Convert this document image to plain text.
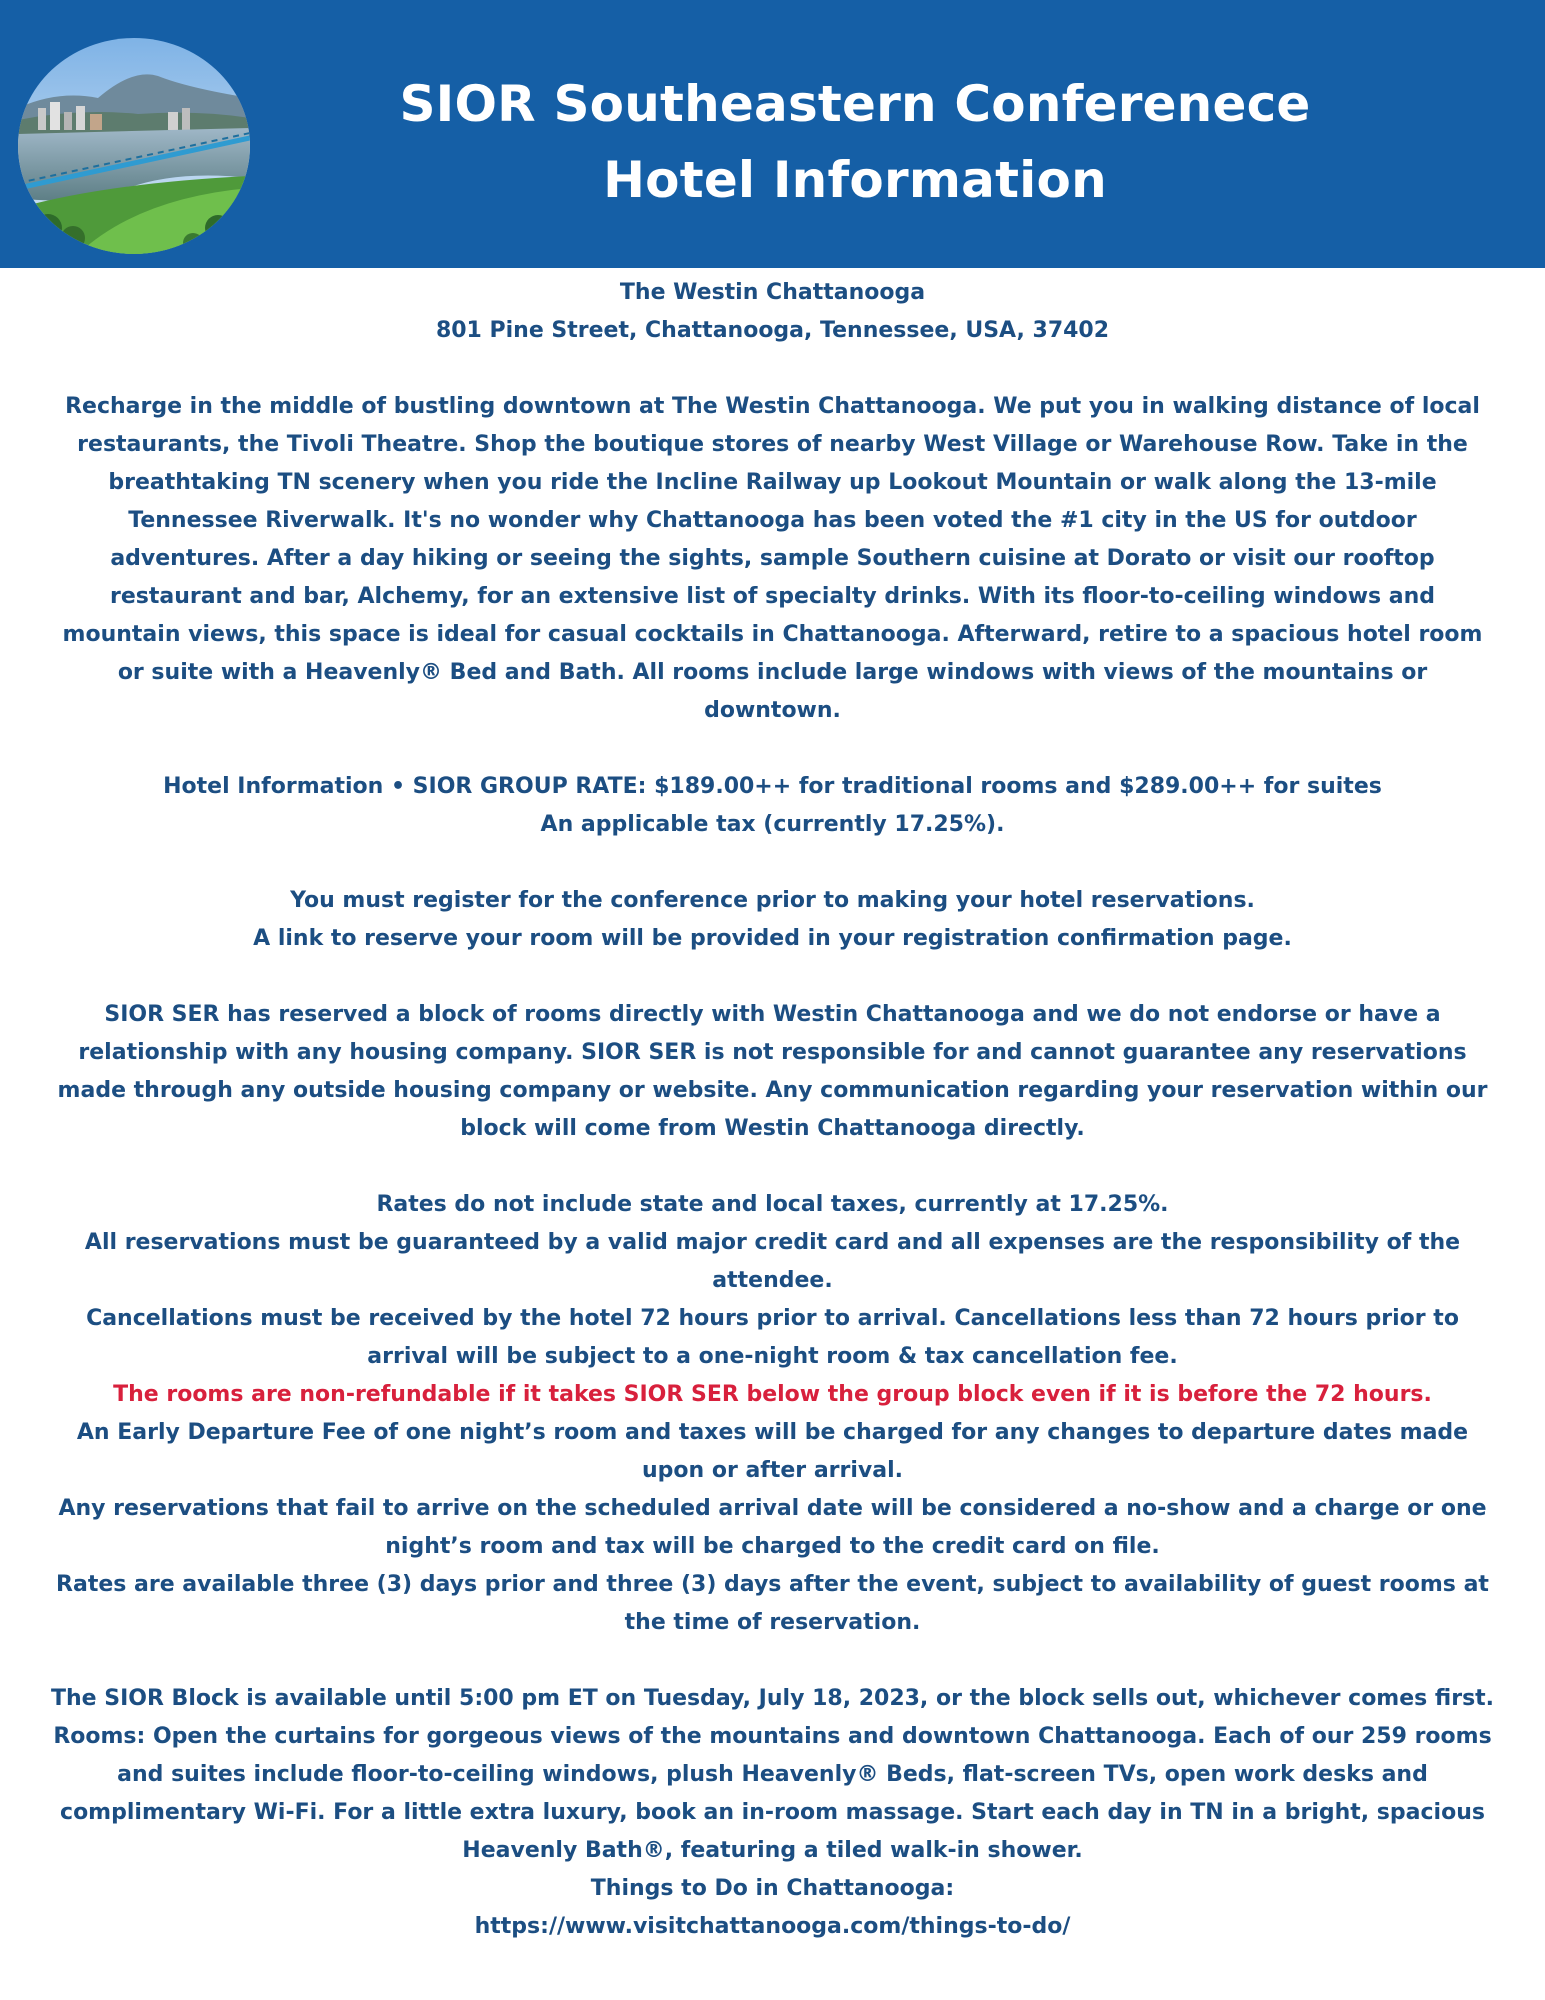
SIOR Southeastern Conferenece
Hotel Information

The Westin Chattanooga

801 Pine Street, Chattanooga, Tennessee, USA, 37402

Recharge in the middle of bustling downtown at The Westin Chattanooga. We put you in walking distance of local restaurants, the Tivoli Theatre. Shop the boutique stores of nearby West Village or Warehouse Row. Take in the breathtaking TN scenery when you ride the Incline Railway up Lookout Mountain or walk along the 13-mile Tennessee Riverwalk. It's no wonder why Chattanooga has been voted the #1 city in the US for outdoor adventures. After a day hiking or seeing the sights, sample Southern cuisine at Dorato or visit our rooftop restaurant and bar, Alchemy, for an extensive list of specialty drinks. With its floor-to-ceiling windows and mountain views, this space is ideal for casual cocktails in Chattanooga. Afterward, retire to a spacious hotel room or suite with a Heavenly® Bed and Bath. All rooms include large windows with views of the mountains or downtown.

Hotel Information • SIOR GROUP RATE: $189.00++ for traditional rooms and $289.00++ for suites

An applicable tax (currently 17.25%).

You must register for the conference prior to making your hotel reservations.

A link to reserve your room will be provided in your registration confirmation page.

SIOR SER has reserved a block of rooms directly with Westin Chattanooga and we do not endorse or have a relationship with any housing company. SIOR SER is not responsible for and cannot guarantee any reservations made through any outside housing company or website. Any communication regarding your reservation within our block will come from Westin Chattanooga directly.

Rates do not include state and local taxes, currently at 17.25%.

All reservations must be guaranteed by a valid major credit card and all expenses are the responsibility of the attendee.

Cancellations must be received by the hotel 72 hours prior to arrival. Cancellations less than 72 hours prior to arrival will be subject to a one-night room & tax cancellation fee.

The rooms are non-refundable if it takes SIOR SER below the group block even if it is before the 72 hours.

An Early Departure Fee of one night’s room and taxes will be charged for any changes to departure dates made upon or after arrival.

Any reservations that fail to arrive on the scheduled arrival date will be considered a no-show and a charge or one night’s room and tax will be charged to the credit card on file.

Rates are available three (3) days prior and three (3) days after the event, subject to availability of guest rooms at the time of reservation.

The SIOR Block is available until 5:00 pm ET on Tuesday, July 18, 2023, or the block sells out, whichever comes first.

Rooms: Open the curtains for gorgeous views of the mountains and downtown Chattanooga. Each of our 259 rooms and suites include floor-to-ceiling windows, plush Heavenly® Beds, flat-screen TVs, open work desks and complimentary Wi-Fi. For a little extra luxury, book an in-room massage. Start each day in TN in a bright, spacious Heavenly Bath®, featuring a tiled walk-in shower.

Things to Do in Chattanooga:

https://www.visitchattanooga.com/things-to-do/
